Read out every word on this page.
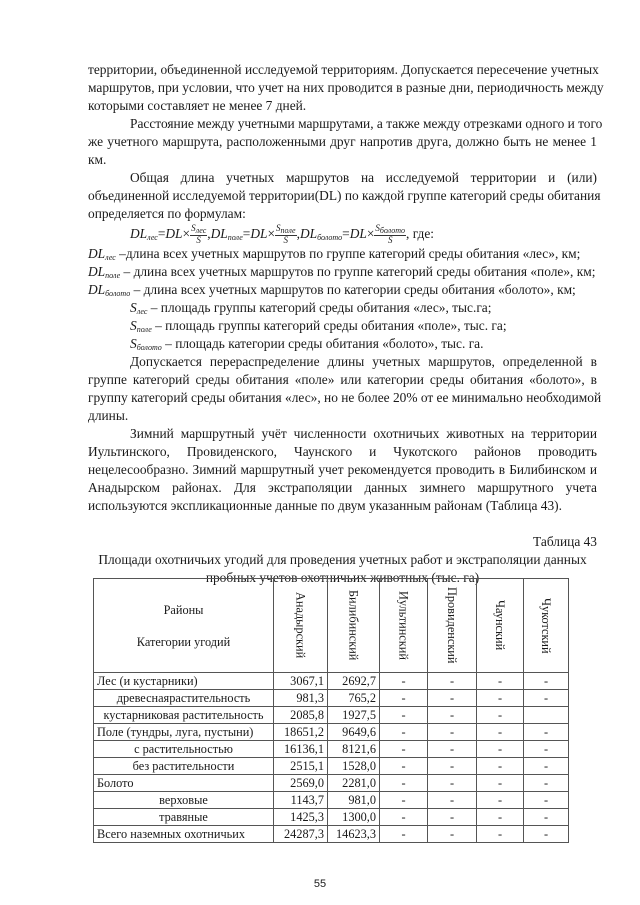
территории, объединенной исследуемой территориям. Допускается пересечение учетных
маршрутов, при условии, что учет на них проводится в разные дни, периодичность между
которыми составляет не менее 7 дней.
Расстояние между учетными маршрутами, а также между отрезками одного и того
же учетного маршрута, расположенными друг напротив друга, должно быть не менее 1
км.
Общая длина учетных маршрутов на исследуемой территории и (или)
объединенной исследуемой территории(DL) по каждой группе категорий среды обитания
определяется по формулам:
$DL_{лес}=DL\times \frac{S_{лес}}{S} ,DL_{поле}=DL\times \frac{S_{поле}}{S} ,DL_{болото}=DL\times \frac{S_{болото}}{S}$ , где:
$DL_{лес}$ –длина всех учетных маршрутов по группе категорий среды обитания «лес», км;
$DL_{поле}$ – длина всех учетных маршрутов по группе категорий среды обитания «поле», км;
$DL_{болото}$ – длина всех учетных маршрутов по категории среды обитания «болото», км;
$S_{лес}$ – площадь группы категорий среды обитания «лес», тыс.га;
$S_{поле}$ – площадь группы категорий среды обитания «поле», тыс. га;
$S_{болото}$ – площадь категории среды обитания «болото», тыс. га.
Допускается перераспределение длины учетных маршрутов, определенной в
группе категорий среды обитания «поле» или категории среды обитания «болото», в
группу категорий среды обитания «лес», но не более 20% от ее минимально необходимой
длины.
Зимний маршрутный учёт численности охотничьих животных на территории
Иультинского, Провиденского, Чаунского и Чукотского районов проводить
нецелесообразно. Зимний маршрутный учет рекомендуется проводить в Билибинском и
Анадырском районах. Для экстраполяции данных зимнего маршрутного учета
используются экспликационные данные по двум указанным районам (Таблица 43).
Таблица 43
Площади охотничьих угодий для проведения учетных работ и экстраполяции данных
пробных учетов охотничьих животных (тыс. га)
Районы
Категории угодий	Анадырский	Билибинский	Иультинский	Провиденский	Чаунский	Чукотский

Лес (и кустарники)	3067,1	2692,7	-	-	-	-
древеснаярастительность	981,3	765,2	-	-	-	-
кустарниковая растительность	2085,8	1927,5	-	-	-	
Поле (тундры, луга, пустыни)	18651,2	9649,6	-	-	-	-
с растительностью	16136,1	8121,6	-	-	-	-
без растительности	2515,1	1528,0	-	-	-	-
Болото	2569,0	2281,0	-	-	-	-
верховые	1143,7	981,0	-	-	-	-
травяные	1425,3	1300,0	-	-	-	-
Всего наземных охотничьих	24287,3	14623,3	-	-	-	-
55
